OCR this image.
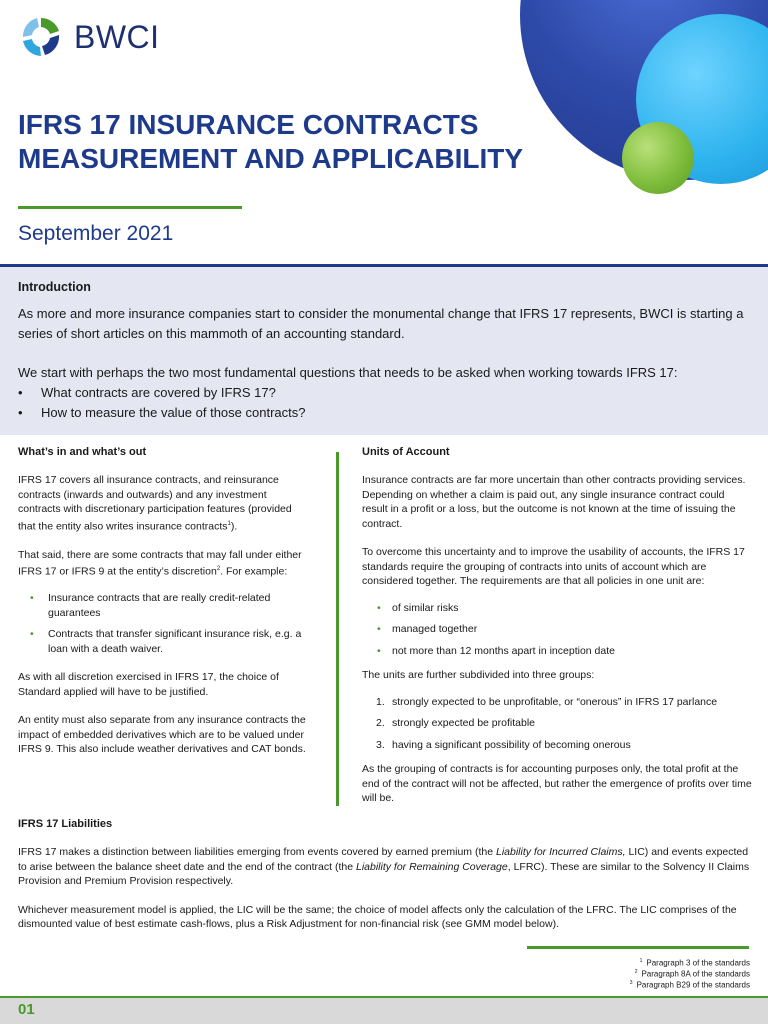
BWCI
IFRS 17 INSURANCE CONTRACTS
MEASUREMENT AND APPLICABILITY
September 2021
Introduction

As more and more insurance companies start to consider the monumental change that IFRS 17 represents, BWCI is starting a series of short articles on this mammoth of an accounting standard.

We start with perhaps the two most fundamental questions that needs to be asked when working towards IFRS 17:

• What contracts are covered by IFRS 17?
• How to measure the value of those contracts?
What’s in and what’s out

IFRS 17 covers all insurance contracts, and reinsurance contracts (inwards and outwards) and any investment contracts with discretionary participation features (provided that the entity also writes insurance contracts$^1$).

That said, there are some contracts that may fall under either IFRS 17 or IFRS 9 at the entity’s discretion$^2$. For example:

• Insurance contracts that are really credit-related guarantees
• Contracts that transfer significant insurance risk, e.g. a loan with a death waiver.

As with all discretion exercised in IFRS 17, the choice of Standard applied will have to be justified.

An entity must also separate from any insurance contracts the impact of embedded derivatives which are to be valued under IFRS 9. This also include weather derivatives and CAT bonds.

Units of Account

Insurance contracts are far more uncertain than other contracts providing services. Depending on whether a claim is paid out, any single insurance contract could result in a profit or a loss, but the outcome is not known at the time of issuing the contract.

To overcome this uncertainty and to improve the usability of accounts, the IFRS 17 standards require the grouping of contracts into units of account which are considered together. The requirements are that all policies in one unit are:

• of similar risks
• managed together
• not more than 12 months apart in inception date

The units are further subdivided into three groups:

1. strongly expected to be unprofitable, or “onerous” in IFRS 17 parlance
2. strongly expected be profitable
3. having a significant possibility of becoming onerous

As the grouping of contracts is for accounting purposes only, the total profit at the end of the contract will not be affected, but rather the emergence of profits over time will be.

IFRS 17 Liabilities

IFRS 17 makes a distinction between liabilities emerging from events covered by earned premium (the Liability for Incurred Claims, LIC) and events expected to arise between the balance sheet date and the end of the contract (the Liability for Remaining Coverage, LFRC). These are similar to the Solvency II Claims Provision and Premium Provision respectively.

Whichever measurement model is applied, the LIC will be the same; the choice of model affects only the calculation of the LFRC. The LIC comprises of the dismounted value of best estimate cash-flows, plus a Risk Adjustment for non-financial risk (see GMM model below).

$^1$ Paragraph 3 of the standards
$^2$ Paragraph 8A of the standards
$^3$ Paragraph B29 of the standards
01
